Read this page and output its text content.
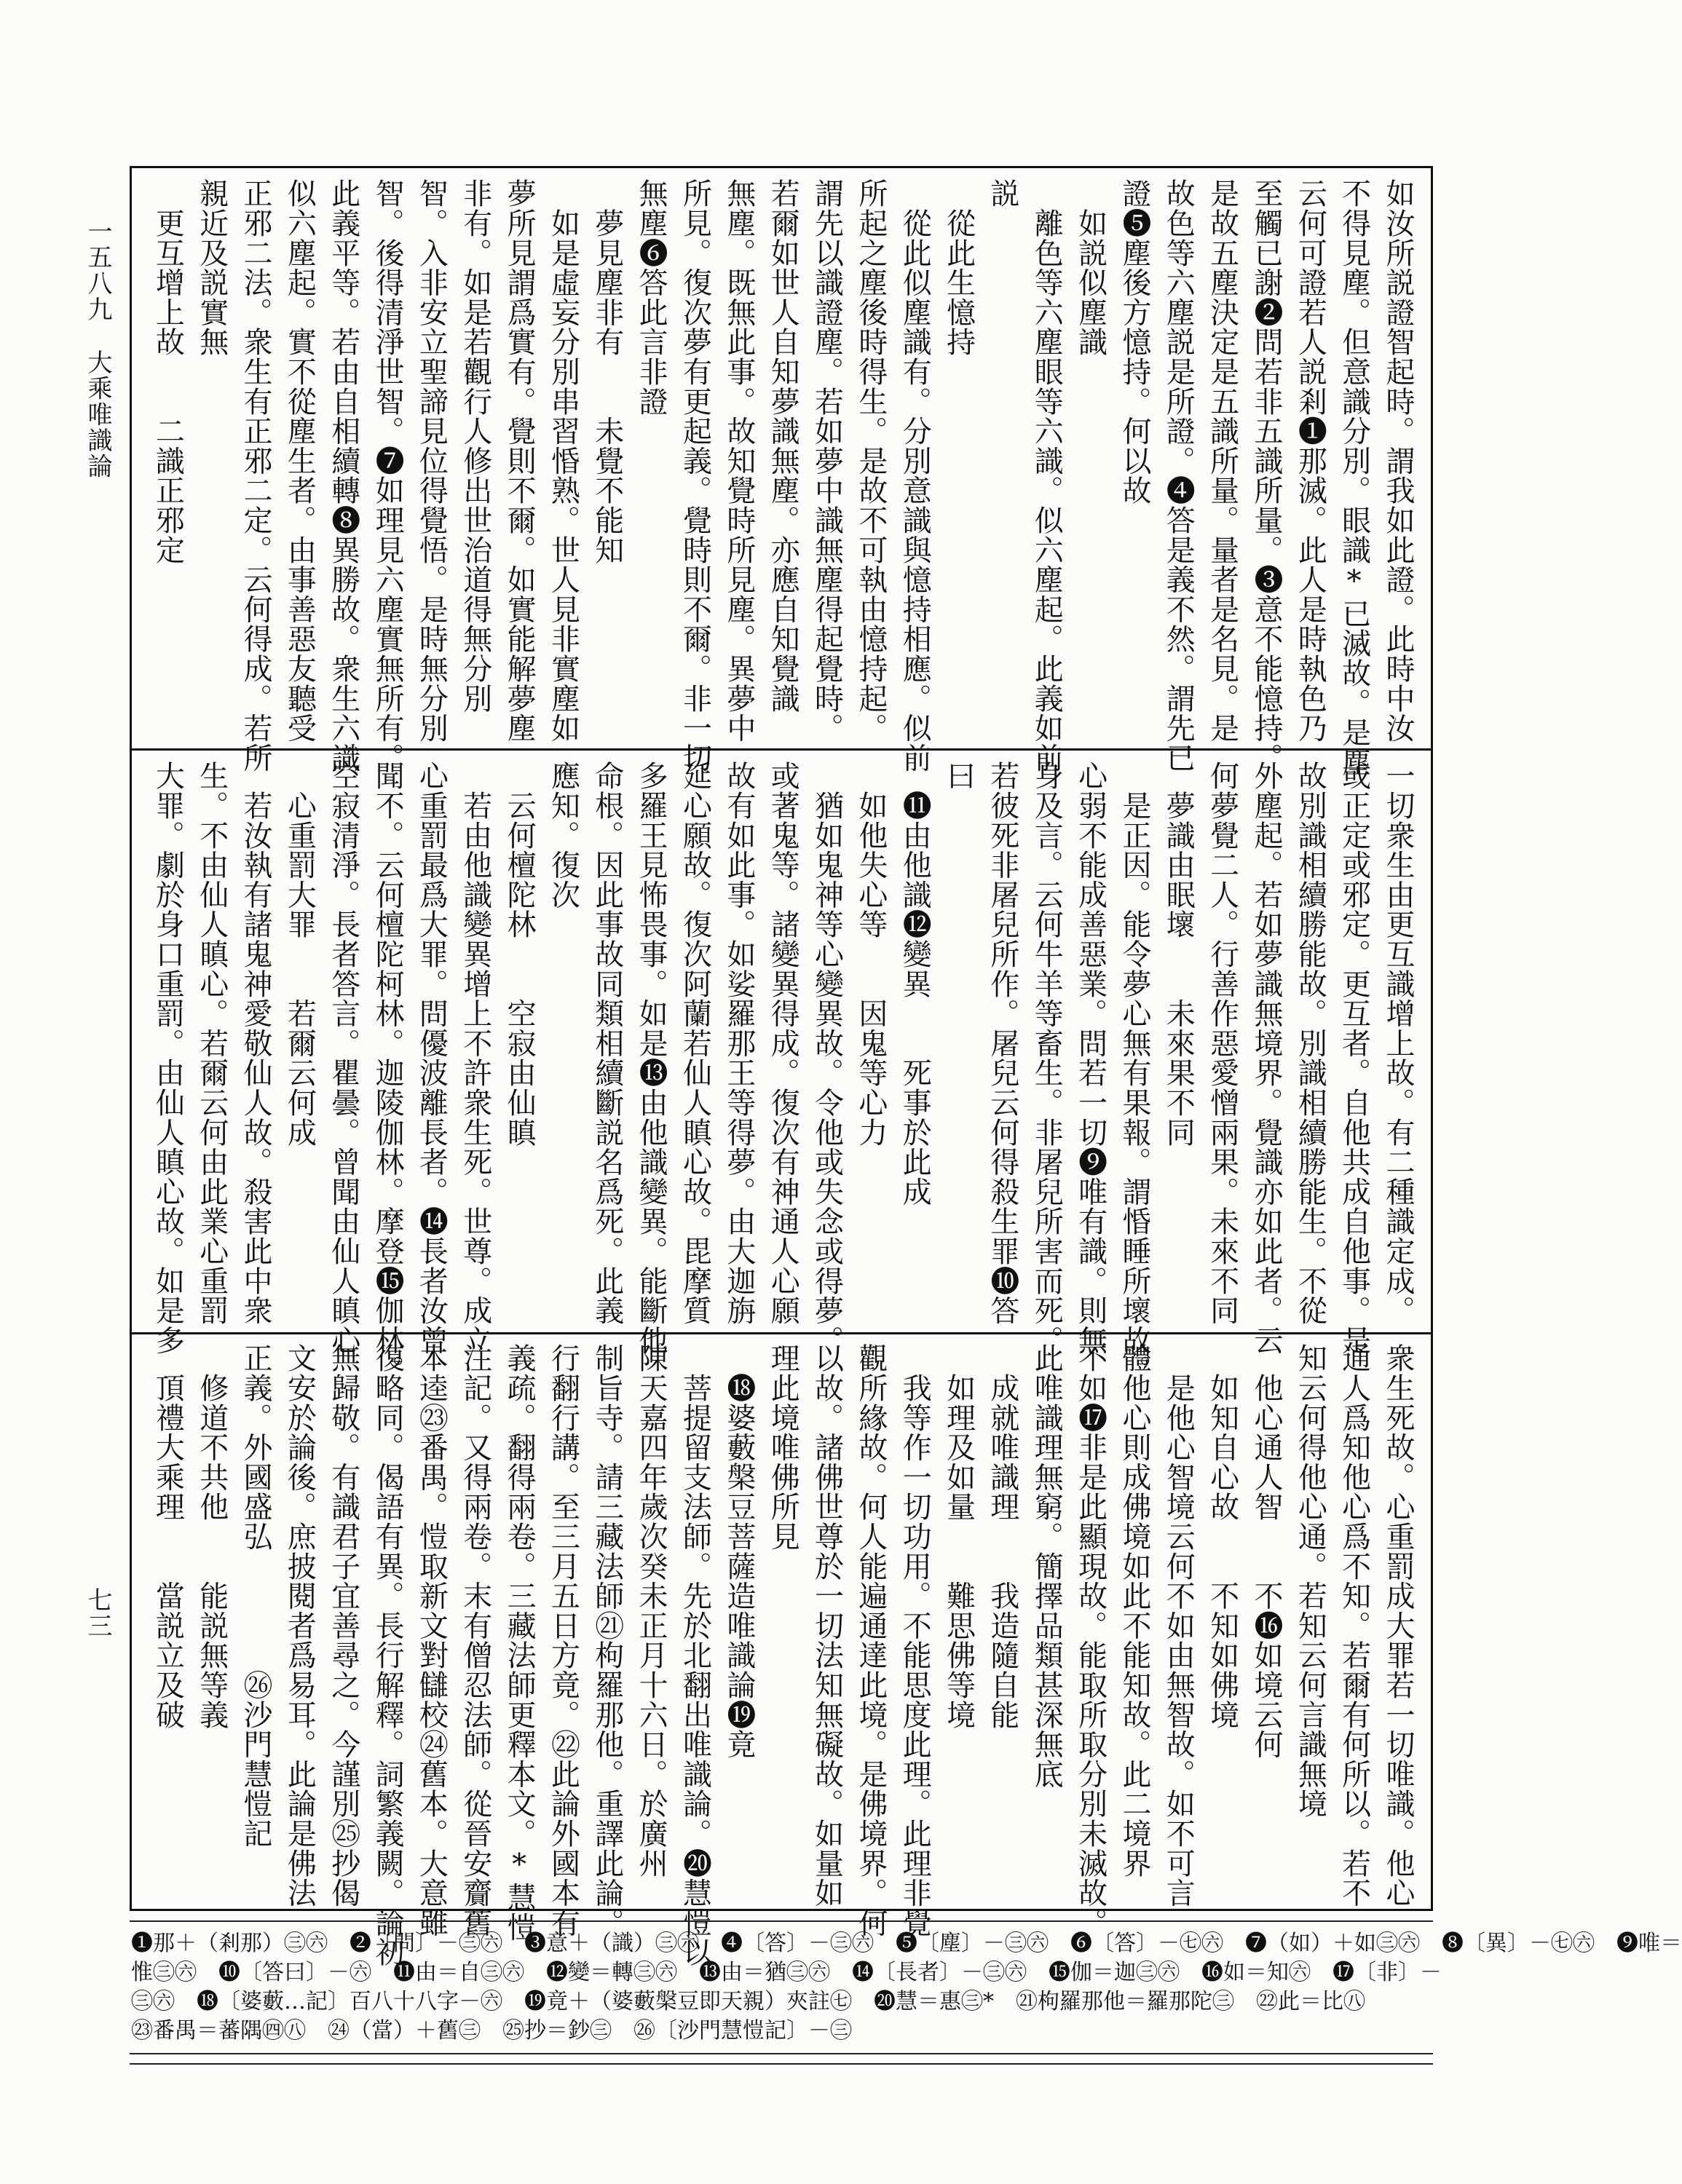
一五八九
大乘唯識論
七三
如汝所説證智起時。謂我如此證。此時中汝
不得見塵。但意識分別。眼識*已滅故。是塵
云何可證若人説剎❶那滅。此人是時執色乃
至觸已謝❷問若非五識所量。❸意不能憶持。
是故五塵決定是五識所量。量者是名見。是
故色等六塵説是所證。❹答是義不然。謂先已
證❺塵後方憶持。何以故
　如説似塵識
　離色等六塵眼等六識。似六塵起。此義如前
説
　從此生憶持
　從此似塵識有。分別意識與憶持相應。似前
所起之塵後時得生。是故不可執由憶持起。
謂先以識證塵。若如夢中識無塵得起覺時。
若爾如世人自知夢識無塵。亦應自知覺識
無塵。既無此事。故知覺時所見塵。異夢中
所見。復次夢有更起義。覺時則不爾。非一切
無塵❻答此言非證
　夢見塵非有　　未覺不能知
　如是虛妄分別串習惛熟。世人見非實塵如
夢所見謂爲實有。覺則不爾。如實能解夢塵
非有。如是若觀行人修出世治道得無分別
智。入非安立聖諦見位得覺悟。是時無分別
智。後得清淨世智。❼如理見六塵實無所有。
此義平等。若由自相續轉❽異勝故。衆生六識
似六塵起。實不從塵生者。由事善惡友聽受
正邪二法。衆生有正邪二定。云何得成。若所
親近及説實無
　更互增上故　　二識正邪定
一切衆生由更互識增上故。有二種識定成。
或正定或邪定。更互者。自他共成自他事。是
故別識相續勝能故。別識相續勝能生。不從
外塵起。若如夢識無境界。覺識亦如此者。云
何夢覺二人。行善作惡愛憎兩果。未來不同
　夢識由眠壞　　未來果不同
　是正因。能令夢心無有果報。謂惛睡所壞故。
心弱不能成善惡業。問若一切❾唯有識。則無
身及言。云何牛羊等畜生。非屠兒所害而死。
若彼死非屠兒所作。屠兒云何得殺生罪❿答
曰
　⓫由他識⓬變異　　死事於此成
　如他失心等　　因鬼等心力
　猶如鬼神等心變異故。令他或失念或得夢。
或著鬼等。諸變異得成。復次有神通人心願
故有如此事。如娑羅那王等得夢。由大迦旃
延心願故。復次阿蘭若仙人瞋心故。毘摩質
多羅王見怖畏事。如是⓭由他識變異。能斷他
命根。因此事故同類相續斷説名爲死。此義
應知。復次
　云何檀陀林　　空寂由仙瞋
　若由他識變異增上不許衆生死。世尊。成立
心重罰最爲大罪。問優波離長者。⓮長者汝曾
聞不。云何檀陀柯林。迦陵伽林。摩登⓯伽林。
空寂清淨。長者答言。瞿曇。曾聞由仙人瞋心
　心重罰大罪　　若爾云何成
　若汝執有諸鬼神愛敬仙人故。殺害此中衆
生。不由仙人瞋心。若爾云何由此業心重罰
大罪。劇於身口重罰。由仙人瞋心故。如是多
衆生死故。心重罰成大罪若一切唯識。他心
通人爲知他心爲不知。若爾有何所以。若不
知云何得他心通。若知云何言識無境
　他心通人智　　不⓰如境云何
　如知自心故　　不知如佛境
　是他心智境云何不如由無智故。如不可言
體他心則成佛境如此不能知故。此二境界
不如⓱非是此顯現故。能取所取分別未滅故。
此唯識理無窮。簡擇品類甚深無底
　成就唯識理　　我造隨自能
　如理及如量　　難思佛等境
　我等作一切功用。不能思度此理。此理非覺
觀所緣故。何人能遍通達此境。是佛境界。何
以故。諸佛世尊於一切法知無礙故。如量如
理此境唯佛所見
　⓲婆藪槃豆菩薩造唯識論⓳竟
　菩提留支法師。先於北翻出唯識論。⓴慧愷以
陳天嘉四年歲次癸未正月十六日。於廣州
制旨寺。請三藏法師㉑枸羅那他。重譯此論。
行翻行講。至三月五日方竟。㉒此論外國本有
義疏。翻得兩卷。三藏法師更釋本文。*慧愷
注記。又得兩卷。末有僧忍法師。從晉安齎舊
本逵㉓番禺。愷取新文對讎校㉔舊本。大意雖
復略同。偈語有異。長行解釋。詞繁義闕。論初
無歸敬。有識君子宜善尋之。今謹別㉕抄偈
文安於論後。庶披閱者爲易耳。此論是佛法
正義。外國盛弘　　　　㉖沙門慧愷記
　修道不共他　　能説無等義
　頂禮大乘理　　當説立及破
❶那＋（剎那）㊂㊅　❷〔問〕－㊂㊅　❸意＋（識）㊂㊅　❹〔答〕－㊂㊅　❺〔塵〕－㊂㊅　❻〔答〕－㊆㊅　❼（如）＋如㊂㊅　❽〔異〕－㊆㊅　❾唯＝
惟㊂㊅　❿〔答曰〕－㊅　⓫由＝自㊂㊅　⓬變＝轉㊂㊅　⓭由＝猶㊂㊅　⓮〔長者〕－㊂㊅　⓯伽＝迦㊂㊅　⓰如＝知㊅　⓱〔非〕－
㊂㊅　⓲〔婆藪…記〕百八十八字－㊅　⓳竟＋（婆藪槃豆即天親）夾註㊆　⓴慧＝惠㊂*　㉑枸羅那他＝羅那陀㊂　㉒此＝比㊇
㉓番禺＝蕃隅㊃㊇　㉔（當）＋舊㊂　㉕抄＝鈔㊂　㉖〔沙門慧愷記〕－㊂
